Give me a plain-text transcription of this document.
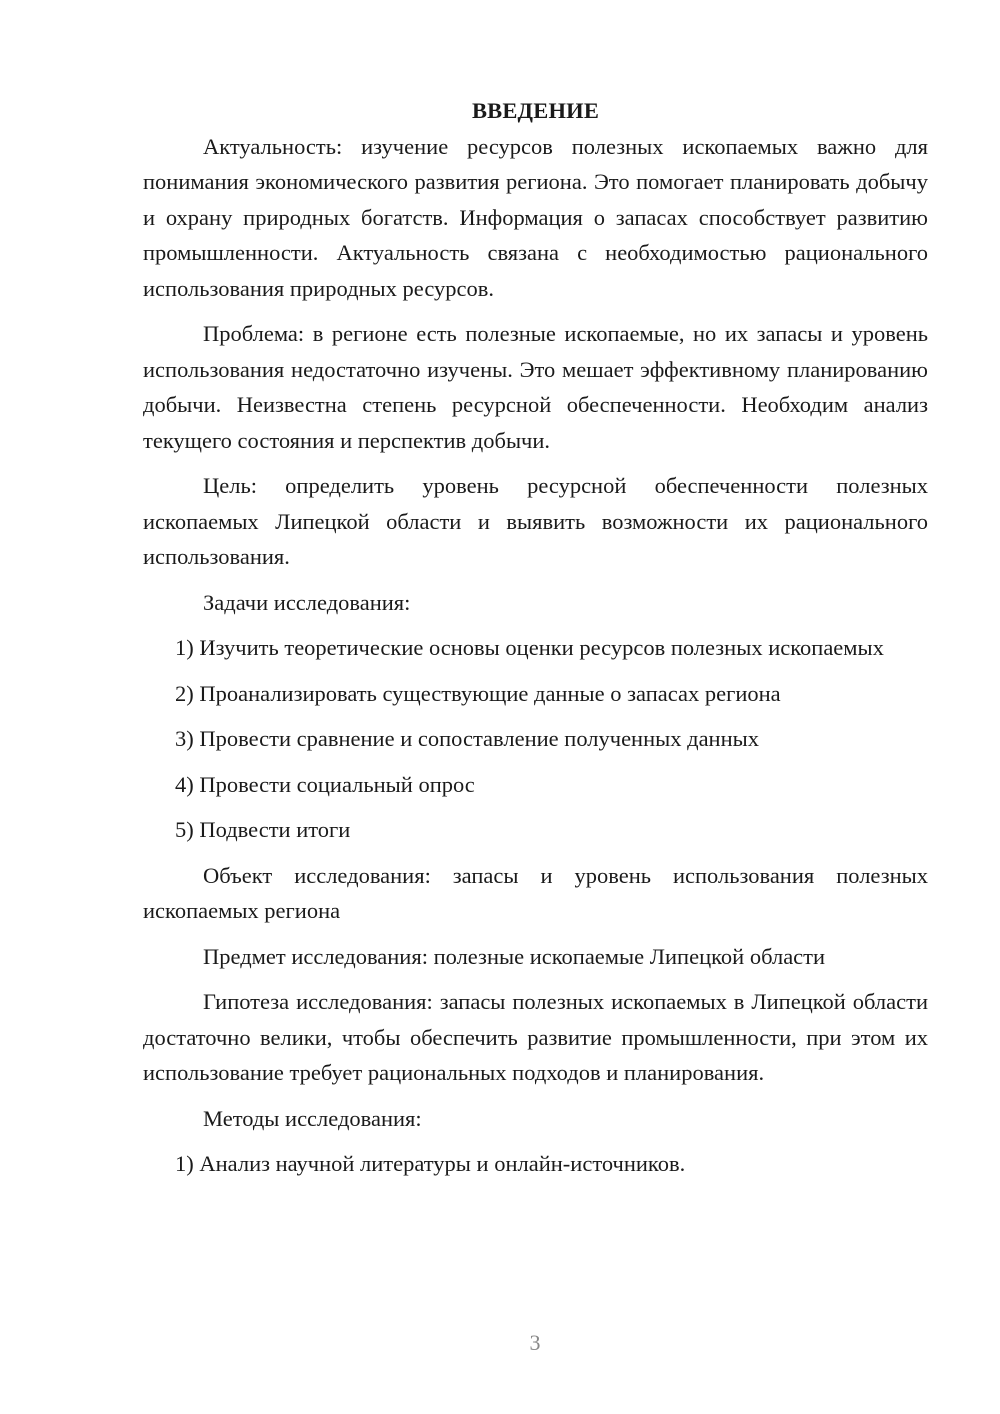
ВВЕДЕНИЕ

Актуальность: изучение ресурсов полезных ископаемых важно для понимания экономического развития региона. Это помогает планировать добычу и охрану природных богатств. Информация о запасах способствует развитию промышленности. Актуальность связана с необходимостью рационального использования природных ресурсов.

Проблема: в регионе есть полезные ископаемые, но их запасы и уровень использования недостаточно изучены. Это мешает эффективному планированию добычи. Неизвестна степень ресурсной обеспеченности. Необходим анализ текущего состояния и перспектив добычи.

Цель: определить уровень ресурсной обеспеченности полезных ископаемых Липецкой области и выявить возможности их рационального использования.

Задачи исследования:

1) Изучить теоретические основы оценки ресурсов полезных ископаемых

2) Проанализировать существующие данные о запасах региона

3) Провести сравнение и сопоставление полученных данных

4) Провести социальный опрос

5) Подвести итоги

Объект исследования: запасы и уровень использования полезных ископаемых региона

Предмет исследования: полезные ископаемые Липецкой области

Гипотеза исследования: запасы полезных ископаемых в Липецкой области достаточно велики, чтобы обеспечить развитие промышленности, при этом их использование требует рациональных подходов и планирования.

Методы исследования:

1) Анализ научной литературы и онлайн-источников.

3
